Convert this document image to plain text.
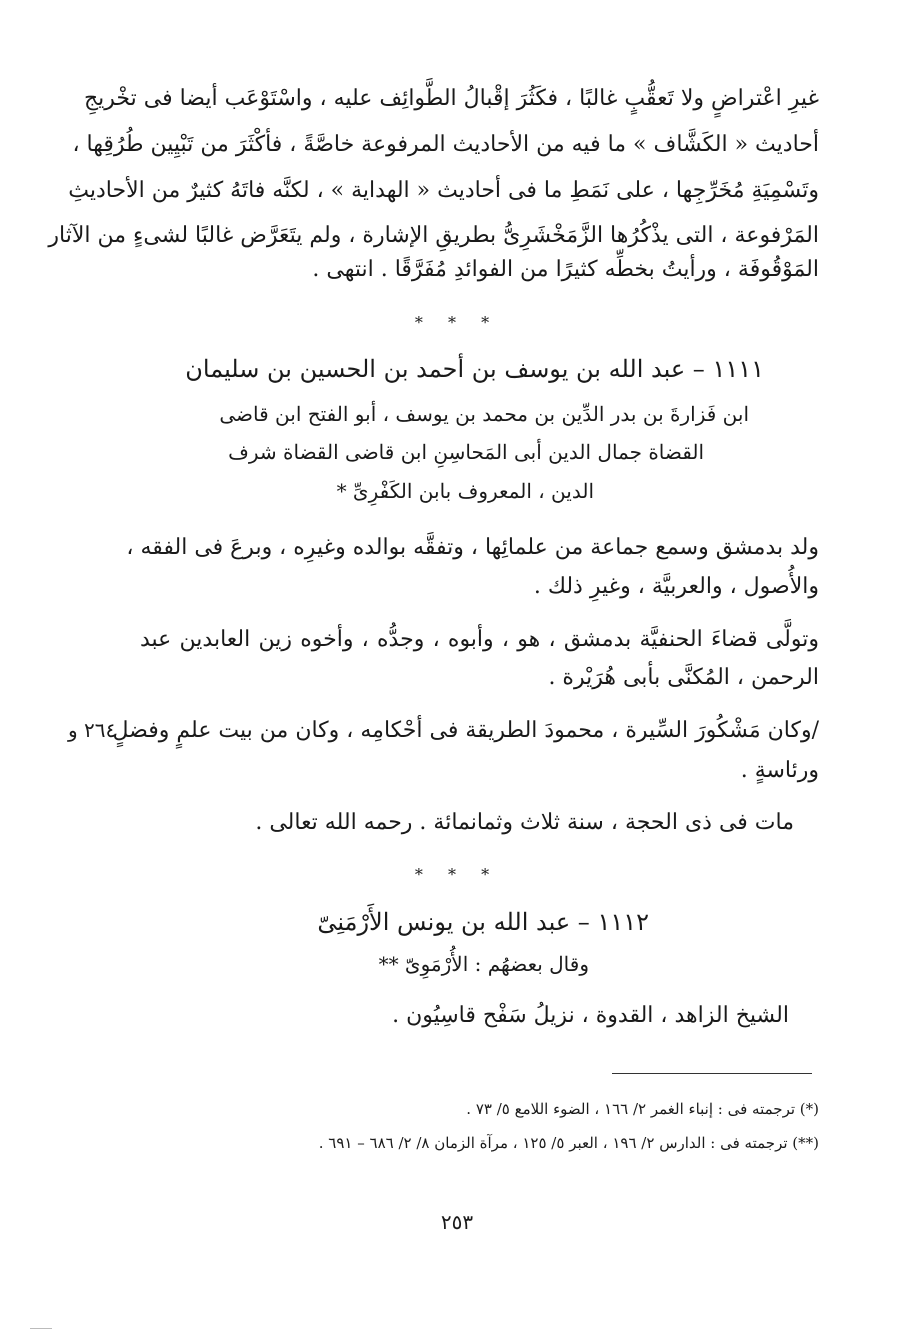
غيرِ اعْتراضٍ ولا تَعقُّبٍ غالبًا ، فكَثُرَ إقْبالُ الطَّوائِف عليه ، واسْتَوْعَب أيضا فى تخْريجِ
أحاديث « الكَشَّاف » ما فيه من الأحاديث المرفوعة خاصَّةً ، فأكْثَرَ من تَبْيِين طُرُقِها ،
وتَسْمِيَةِ مُخَرِّجِها ، على نَمَطِ ما فى أحاديث « الهداية » ، لكنَّه فاتَهُ كثيرٌ من الأحاديثِ
المَرْفوعة ، التى يذْكُرُها الزَّمَخْشَرِىُّ بطريقِ الإشارة ، ولم يتَعَرَّض غالبًا لشىءٍ من الآثار
المَوْقُوفَة ، ورأيتُ بخطِّه كثيرًا من الفوائدِ مُفَرَّقًا . انتهى .
* * *
١١١١ – عبد الله بن يوسف بن أحمد بن الحسين بن سليمان
ابن فَزارةَ بن بدر الدِّين بن محمد بن يوسف ، أبو الفتح ابن قاضى
القضاة جمال الدين أبى المَحاسِنِ ابن قاضى القضاة شرف
الدين ، المعروف بابن الكَفْرِىِّ *
ولد بدمشق وسمع جماعة من علمائِها ، وتفقَّه بوالده وغيرِه ، وبرعَ فى الفقه ،
والأُصول ، والعربيَّة ، وغيرِ ذلك .
وتولَّى قضاءَ الحنفيَّة بدمشق ، هو ، وأبوه ، وجدُّه ، وأخوه زين العابدين عبد
الرحمن ، المُكنَّى بأبى هُرَيْرة .
/وكان مَشْكُورَ السِّيرة ، محمودَ الطريقة فى أحْكامِه ، وكان من بيت علمٍ وفضلٍ
ورئاسةٍ .
٢٦٤ و
مات فى ذى الحجة ، سنة ثلاث وثمانمائة . رحمه الله تعالى .
* * *
١١١٢ – عبد الله بن يونس الأَرْمَنِىّ
وقال بعضهُم : الأُرْمَوِىّ **
الشيخ الزاهد ، القدوة ، نزيلُ سَفْح قاسِيُون .
(*) ترجمته فى : إنباء الغمر ٢/ ١٦٦ ، الضوء اللامع ٥/ ٧٣ .
(**) ترجمته فى : الدارس ٢/ ١٩٦ ، العبر ٥/ ١٢٥ ، مرآة الزمان ٨/ ٢/ ٦٨٦ – ٦٩١ .
٢٥٣
